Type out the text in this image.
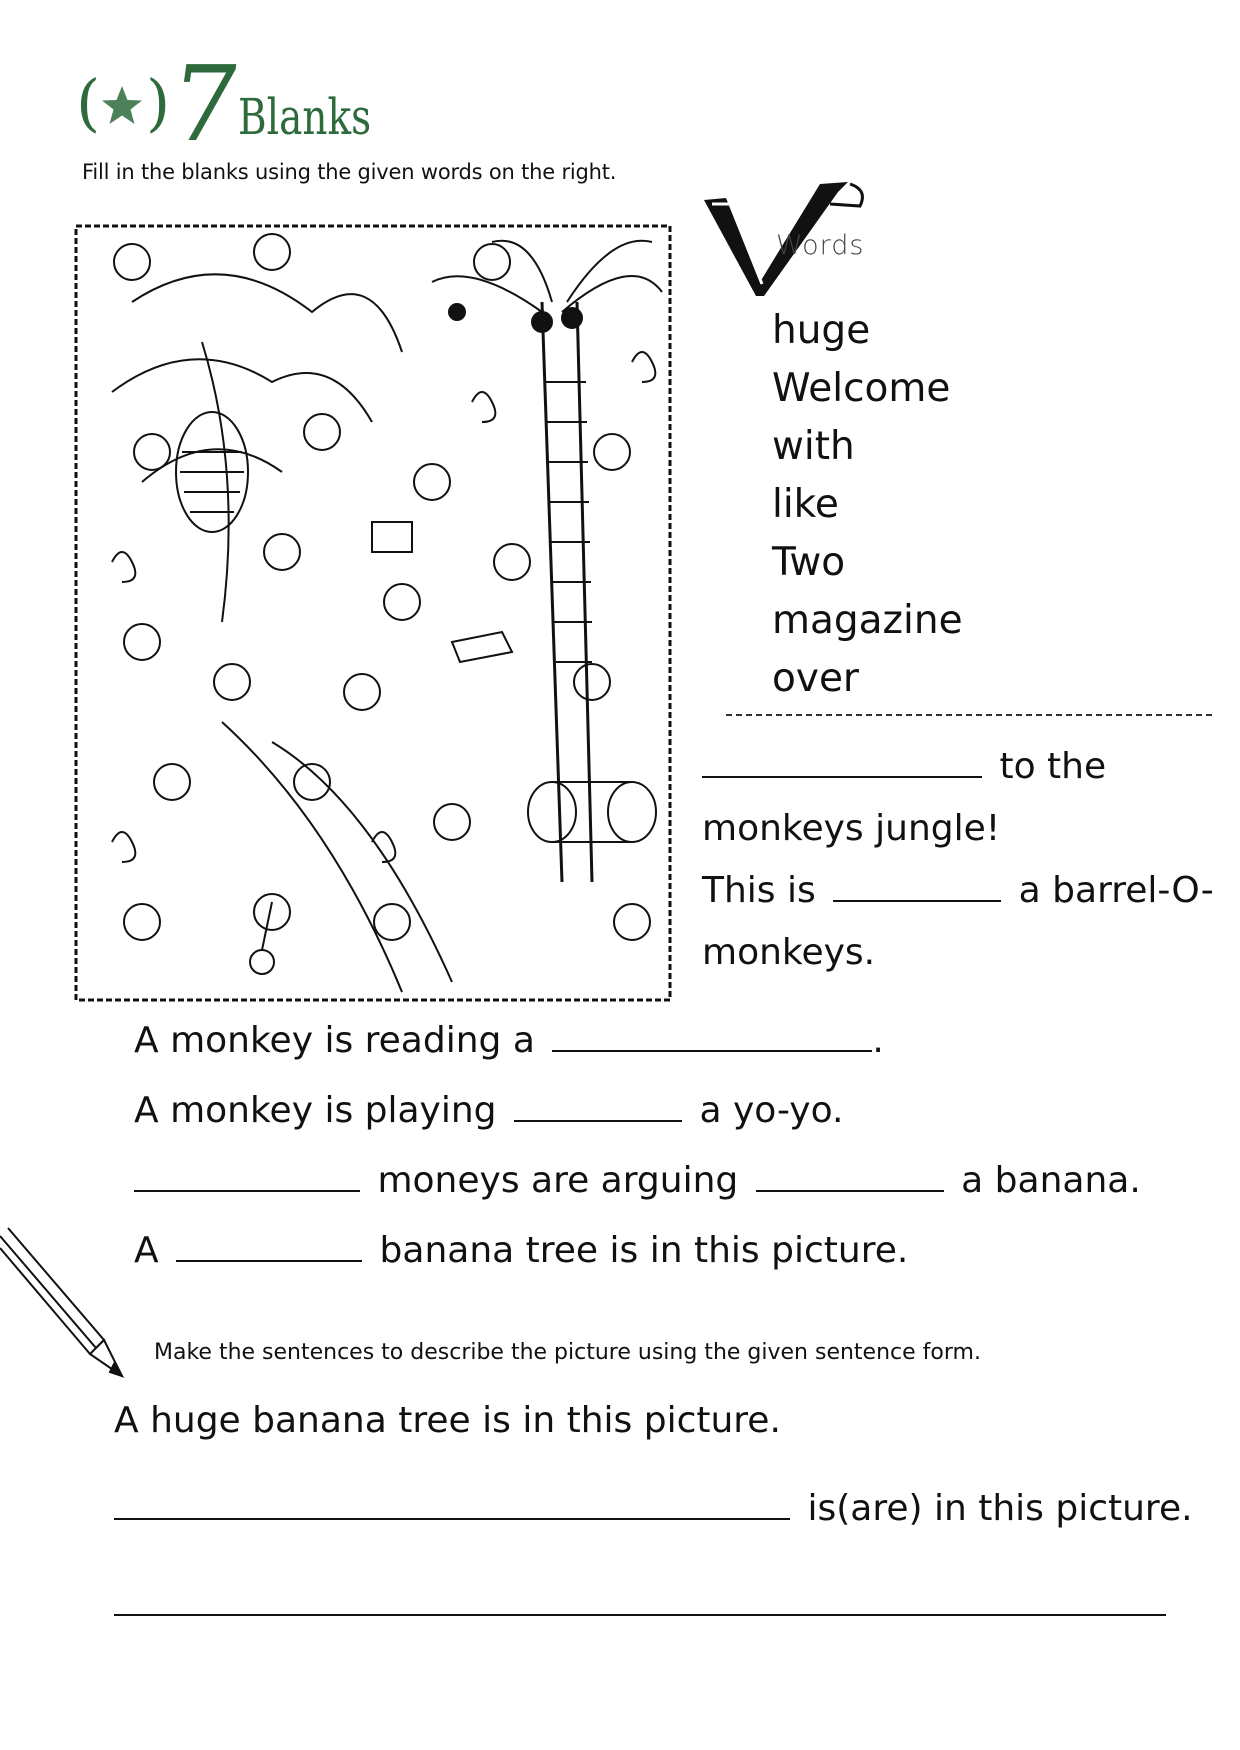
( )
7
Blanks
Fill in the blanks using the given words on the right.
Words
huge
Welcome
with
like
Two
magazine
over
to the
monkeys jungle!
This is	a barrel-O-
monkeys.
A monkey is reading a	.
A monkey is playing	a yo-yo.
moneys are arguing	a banana.
A	banana tree is in this picture.
Make the sentences to describe the picture using the given sentence form.
A huge banana tree is in this picture.
is(are) in this picture.
